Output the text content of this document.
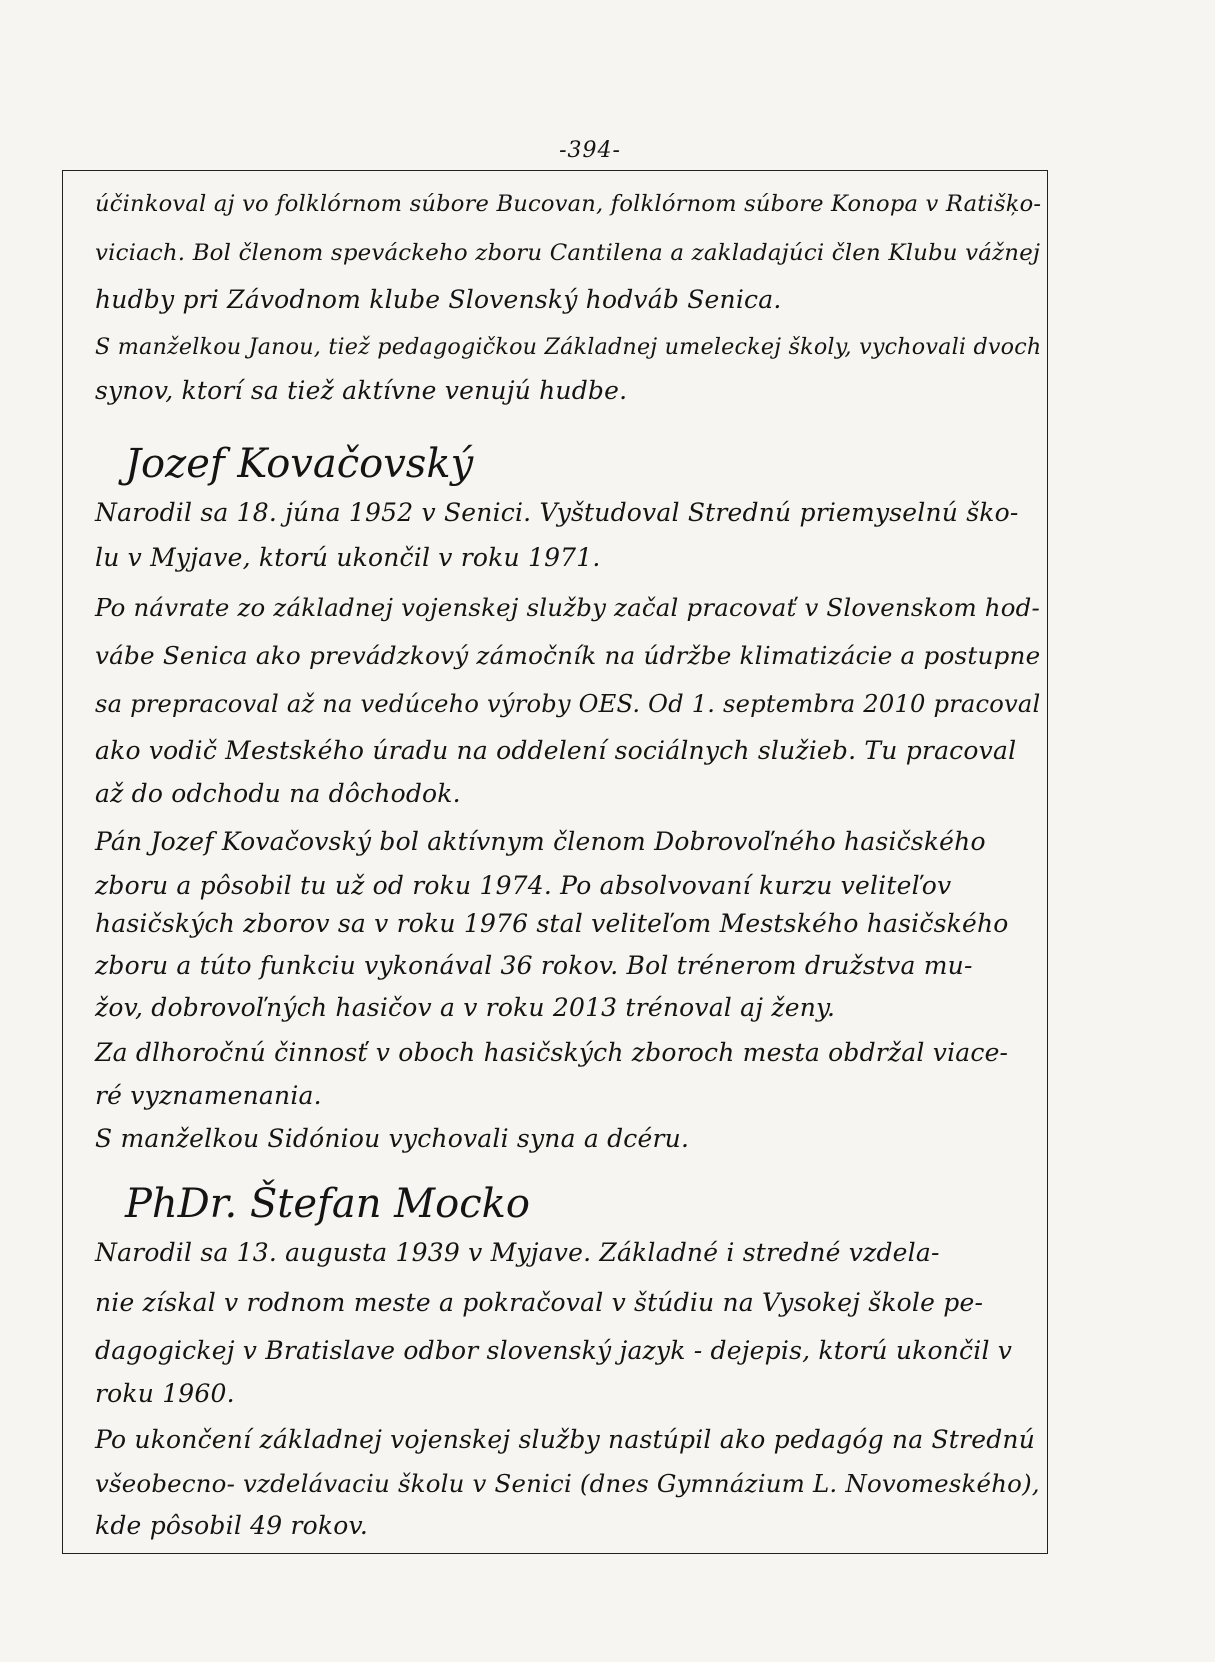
-394-
účinkoval aj vo folklórnom súbore Bucovan, folklórnom súbore Konopa v Ratišķo-
viciach. Bol členom speváckeho zboru Cantilena a zakladajúci člen Klubu vážnej
hudby pri Závodnom klube Slovenský hodváb Senica.
S manželkou Janou, tiež pedagogičkou Základnej umeleckej školy, vychovali dvoch
synov, ktorí sa tiež aktívne venujú hudbe.
Jozef Kovačovský
Narodil sa 18. júna 1952 v Senici. Vyštudoval Strednú priemyselnú ško-
lu v Myjave, ktorú ukončil v roku 1971.
Po návrate zo základnej vojenskej služby začal pracovať v Slovenskom hod-
vábe Senica ako prevádzkový zámočník na údržbe klimatizácie a postupne
sa prepracoval až na vedúceho výroby OES. Od 1. septembra 2010 pracoval
ako vodič Mestského úradu na oddelení sociálnych služieb. Tu pracoval
až do odchodu na dôchodok.
Pán Jozef Kovačovský bol aktívnym členom Dobrovoľného hasičského
zboru a pôsobil tu už od roku 1974. Po absolvovaní kurzu veliteľov
hasičských zborov sa v roku 1976 stal veliteľom Mestského hasičského
zboru a túto funkciu vykonával 36 rokov. Bol trénerom družstva mu-
žov, dobrovoľných hasičov a v roku 2013 trénoval aj ženy.
Za dlhoročnú činnosť v oboch hasičských zboroch mesta obdržal viace-
ré vyznamenania.
S manželkou Sidóniou vychovali syna a dcéru.
PhDr. Štefan Mocko
Narodil sa 13. augusta 1939 v Myjave. Základné i stredné vzdela-
nie získal v rodnom meste a pokračoval v štúdiu na Vysokej škole pe-
dagogickej v Bratislave odbor slovenský jazyk - dejepis, ktorú ukončil v
roku 1960.
Po ukončení základnej vojenskej služby nastúpil ako pedagóg na Strednú
všeobecno- vzdelávaciu školu v Senici (dnes Gymnázium L. Novomeského),
kde pôsobil 49 rokov.
